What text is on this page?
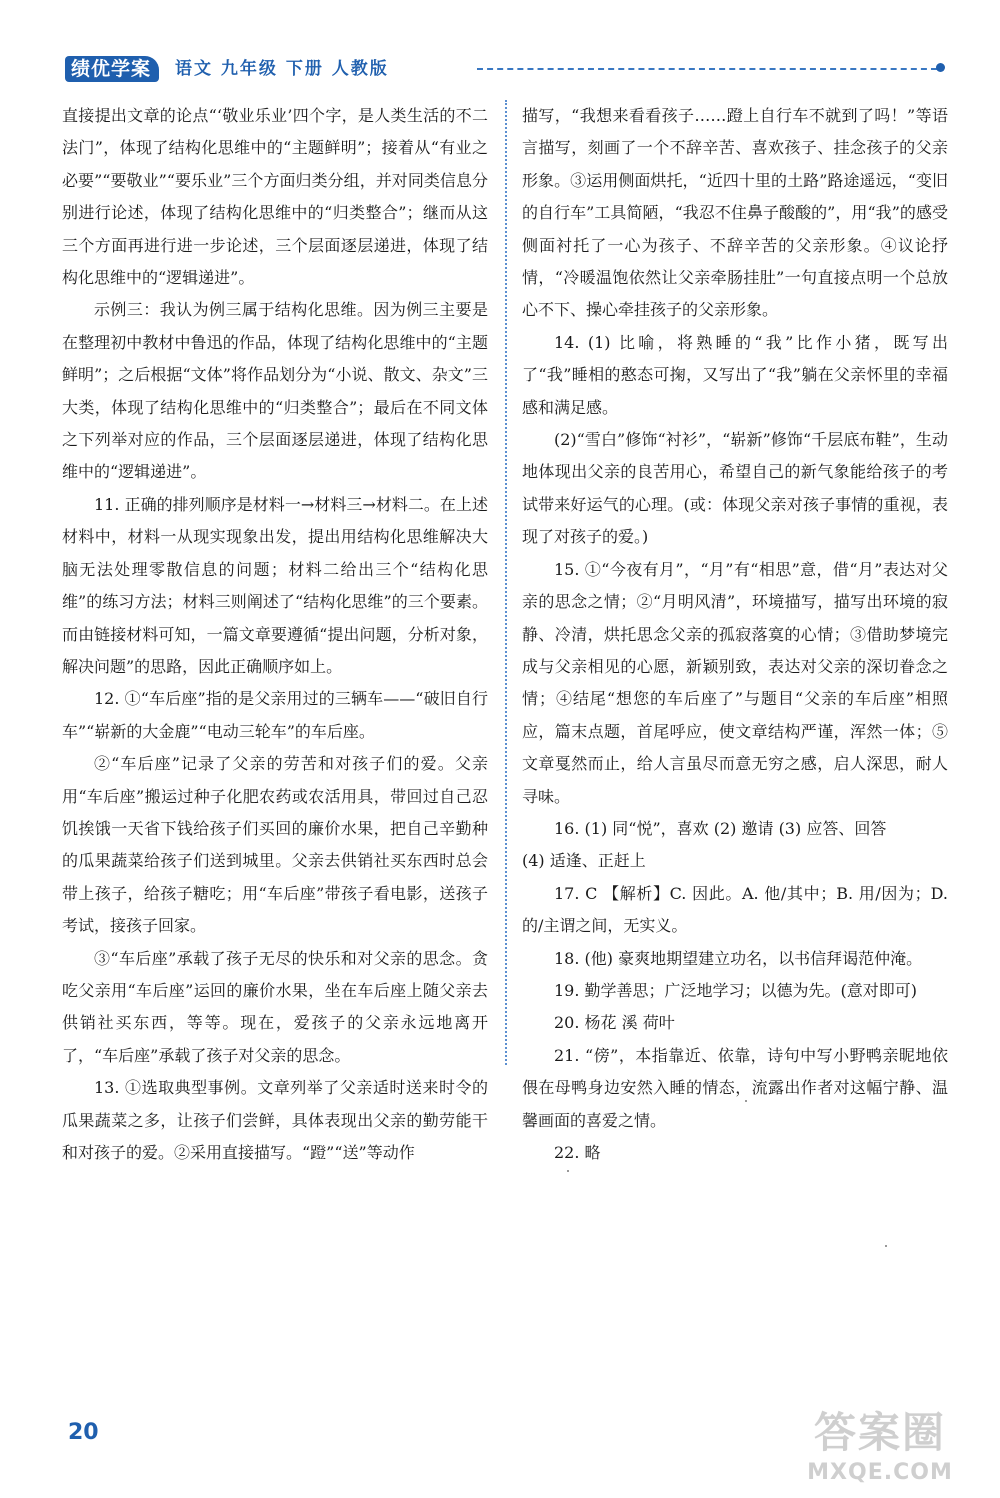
绩优学案	语文 九年级 下册 人教版

直接提出文章的论点“‘敬业乐业’四个字，是人类生活的不二法门”，体现了结构化思维中的“主题鲜明”；接着从“有业之必要”“要敬业”“要乐业”三个方面归类分组，并对同类信息分别进行论述，体现了结构化思维中的“归类整合”；继而从这三个方面再进行进一步论述，三个层面逐层递进，体现了结构化思维中的“逻辑递进”。

示例三：我认为例三属于结构化思维。因为例三主要是在整理初中教材中鲁迅的作品，体现了结构化思维中的“主题鲜明”；之后根据“文体”将作品划分为“小说、散文、杂文”三大类，体现了结构化思维中的“归类整合”；最后在不同文体之下列举对应的作品，三个层面逐层递进，体现了结构化思维中的“逻辑递进”。

11. 正确的排列顺序是材料一→材料三→材料二。在上述材料中，材料一从现实现象出发，提出用结构化思维解决大脑无法处理零散信息的问题；材料二给出三个“结构化思维”的练习方法；材料三则阐述了“结构化思维”的三个要素。而由链接材料可知，一篇文章要遵循“提出问题，分析对象，解决问题”的思路，因此正确顺序如上。

12. ①“车后座”指的是父亲用过的三辆车——“破旧自行车”“崭新的大金鹿”“电动三轮车”的车后座。

②“车后座”记录了父亲的劳苦和对孩子们的爱。父亲用“车后座”搬运过种子化肥农药或农活用具，带回过自己忍饥挨饿一天省下钱给孩子们买回的廉价水果，把自己辛勤种的瓜果蔬菜给孩子们送到城里。父亲去供销社买东西时总会带上孩子，给孩子糖吃；用“车后座”带孩子看电影，送孩子考试，接孩子回家。

③“车后座”承载了孩子无尽的快乐和对父亲的思念。贪吃父亲用“车后座”运回的廉价水果，坐在车后座上随父亲去供销社买东西，等等。现在，爱孩子的父亲永远地离开了，“车后座”承载了孩子对父亲的思念。

13. ①选取典型事例。文章列举了父亲适时送来时令的瓜果蔬菜之多，让孩子们尝鲜，具体表现出父亲的勤劳能干和对孩子的爱。②采用直接描写。“蹬”“送”等动作

描写，“我想来看看孩子……蹬上自行车不就到了吗！”等语言描写，刻画了一个不辞辛苦、喜欢孩子、挂念孩子的父亲形象。③运用侧面烘托，“近四十里的土路”路途遥远，“变旧的自行车”工具简陋，“我忍不住鼻子酸酸的”，用“我”的感受侧面衬托了一心为孩子、不辞辛苦的父亲形象。④议论抒情，“冷暖温饱依然让父亲牵肠挂肚”一句直接点明一个总放心不下、操心牵挂孩子的父亲形象。

14. (1) 比喻，将熟睡的“我”比作小猪，既写出了“我”睡相的憨态可掬，又写出了“我”躺在父亲怀里的幸福感和满足感。

(2)“雪白”修饰“衬衫”，“崭新”修饰“千层底布鞋”，生动地体现出父亲的良苦用心，希望自己的新气象能给孩子的考试带来好运气的心理。(或：体现父亲对孩子事情的重视，表现了对孩子的爱。)

15. ①“今夜有月”，“月”有“相思”意，借“月”表达对父亲的思念之情；②“月明风清”，环境描写，描写出环境的寂静、冷清，烘托思念父亲的孤寂落寞的心情；③借助梦境完成与父亲相见的心愿，新颖别致，表达对父亲的深切眷念之情；④结尾“想您的车后座了”与题目“父亲的车后座”相照应，篇末点题，首尾呼应，使文章结构严谨，浑然一体；⑤文章戛然而止，给人言虽尽而意无穷之感，启人深思，耐人寻味。

16. (1) 同“悦”，喜欢 (2) 邀请 (3) 应答、回答

(4) 适逢、正赶上

17. C 【解析】C. 因此。A. 他/其中；B. 用/因为；D. 的/主谓之间，无实义。

18. (他) 豪爽地期望建立功名，以书信拜谒范仲淹。

19. 勤学善思；广泛地学习；以德为先。(意对即可)

20. 杨花 溪 荷叶

21. “傍”，本指靠近、依靠，诗句中写小野鸭亲昵地依偎在母鸭身边安然入睡的情态，流露出作者对这幅宁静、温馨画面的喜爱之情。

22. 略

20	答案圈
MXQE.COM
